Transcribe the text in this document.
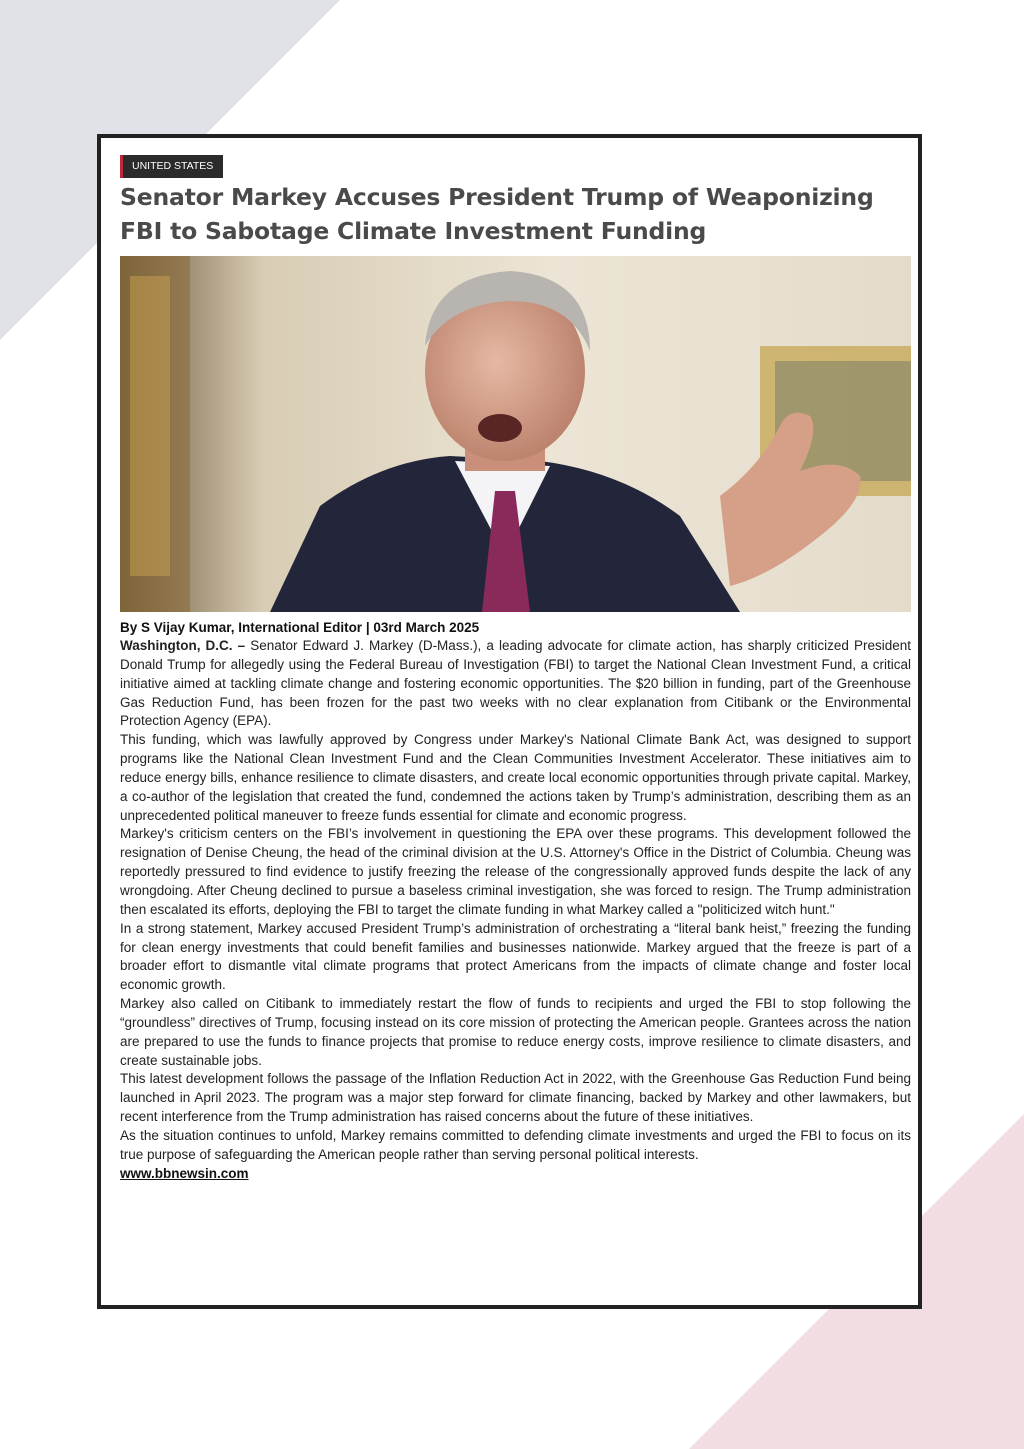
UNITED STATES
Senator Markey Accuses President Trump of Weaponizing FBI to Sabotage Climate Investment Funding

By S Vijay Kumar, International Editor | 03rd March 2025

Washington, D.C. – Senator Edward J. Markey (D-Mass.), a leading advocate for climate action, has sharply criticized President Donald Trump for allegedly using the Federal Bureau of Investigation (FBI) to target the National Clean Investment Fund, a critical initiative aimed at tackling climate change and fostering economic opportunities. The $20 billion in funding, part of the Greenhouse Gas Reduction Fund, has been frozen for the past two weeks with no clear explanation from Citibank or the Environmental Protection Agency (EPA).

This funding, which was lawfully approved by Congress under Markey's National Climate Bank Act, was designed to support programs like the National Clean Investment Fund and the Clean Communities Investment Accelerator. These initiatives aim to reduce energy bills, enhance resilience to climate disasters, and create local economic opportunities through private capital. Markey, a co-author of the legislation that created the fund, condemned the actions taken by Trump’s administration, describing them as an unprecedented political maneuver to freeze funds essential for climate and economic progress.

Markey's criticism centers on the FBI’s involvement in questioning the EPA over these programs. This development followed the resignation of Denise Cheung, the head of the criminal division at the U.S. Attorney's Office in the District of Columbia. Cheung was reportedly pressured to find evidence to justify freezing the release of the congressionally approved funds despite the lack of any wrongdoing. After Cheung declined to pursue a baseless criminal investigation, she was forced to resign. The Trump administration then escalated its efforts, deploying the FBI to target the climate funding in what Markey called a "politicized witch hunt."

In a strong statement, Markey accused President Trump’s administration of orchestrating a “literal bank heist,” freezing the funding for clean energy investments that could benefit families and businesses nationwide. Markey argued that the freeze is part of a broader effort to dismantle vital climate programs that protect Americans from the impacts of climate change and foster local economic growth.

Markey also called on Citibank to immediately restart the flow of funds to recipients and urged the FBI to stop following the “groundless” directives of Trump, focusing instead on its core mission of protecting the American people. Grantees across the nation are prepared to use the funds to finance projects that promise to reduce energy costs, improve resilience to climate disasters, and create sustainable jobs.

This latest development follows the passage of the Inflation Reduction Act in 2022, with the Greenhouse Gas Reduction Fund being launched in April 2023. The program was a major step forward for climate financing, backed by Markey and other lawmakers, but recent interference from the Trump administration has raised concerns about the future of these initiatives.

As the situation continues to unfold, Markey remains committed to defending climate investments and urged the FBI to focus on its true purpose of safeguarding the American people rather than serving personal political interests.

www.bbnewsin.com
